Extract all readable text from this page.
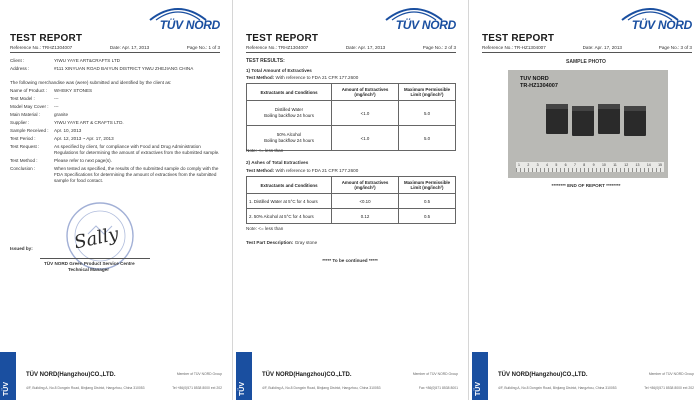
TÜV NORD
TEST REPORT
Reference No.: TRHZ1304007	Date: Apr. 17, 2013	Page No.: 1 of 3
Client :	YIWU YAYE ART&CRAFTS LTD
Address :	#111 XINYUAN ROAD BAIYUN DISTRICT YIWU ZHEJIANG CHINA
The following merchandise was (were) submitted and identified by the client as:
Name of Product :	WHISKY STONES
Test Model :	---
Model May Cover :	---
Main Material :	granite
Supplier :	YIWU YAYE ART & CRAFTS LTD.
Sample Received :	Apr. 10, 2013
Test Period :	Apr. 12, 2013 ~ Apr. 17, 2013
Test Request :	As specified by client, for compliance with Food and Drug Administration Regulations for determining the amount of extractives from the submitted sample.
Test Method :	Please refer to next page(s).
Conclusion :	When tested as specified, the results of the submitted sample do comply with the FDA Specifications for determining the amount of extractives from the submitted sample for food contact.
Sally
Issued by:
TÜV NORD Green Product Service Centre
Technical Manager
TÜV
TÜV NORD(Hangzhou)CO.,LTD.	Member of TÜV NORD Group
4/F, Building A, No.8 Dongxin Road, Binjiang District, Hangzhou, China 310053	Tel +86(0)571 8538 8000 ext 202
TÜV NORD
TEST REPORT
Reference No.: TRHZ1304007	Date: Apr. 17, 2013	Page No.: 2 of 3
TEST RESULTS:
1) Total Amount of Extractives
Test Method: With reference to FDA 21 CFR 177.2600
Extractants and Conditions	Amount of Extractives (mg/inch²)	Maximum Permissible Limit (mg/inch²)
Distilled Water
Boiling backflow 24 hours	<1.0	5.0
50% Alcohol
Boiling backflow 24 hours	<1.0	5.0
Note: <= less than
2) Ashes of Total Extractives
Test Method: With reference to FDA 21 CFR 177.2600
Extractants and Conditions	Amount of Extractives (mg/inch²)	Maximum Permissible Limit (mg/inch²)
1. Distilled Water at 5°C for 4 hours	<0.10	0.5
2. 50% Alcohol at 5°C for 4 hours	0.12	0.5
Note: <= less than
Test Part Description: Gray stone
***** To be continued *****
TÜV
TÜV NORD(Hangzhou)CO.,LTD.	Member of TÜV NORD Group
4/F, Building A, No.8 Dongxin Road, Binjiang District, Hangzhou, China 310053	Fax +86(0)571 8538 8001
TÜV NORD
TEST REPORT
Reference No.: TR-HZ1304007	Date: Apr. 17, 2013	Page No.: 3 of 3
SAMPLE PHOTO
TUV NORD
TR-HZ1304007
1 2 3 4 5 6 7 8 9 10 11 12 13 14 15
******** END OF REPORT ********
TÜV
TÜV NORD(Hangzhou)CO.,LTD.	Member of TÜV NORD Group
4/F, Building A, No.8 Dongxin Road, Binjiang District, Hangzhou, China 310053	Tel +86(0)571 8538 8000 ext 202
